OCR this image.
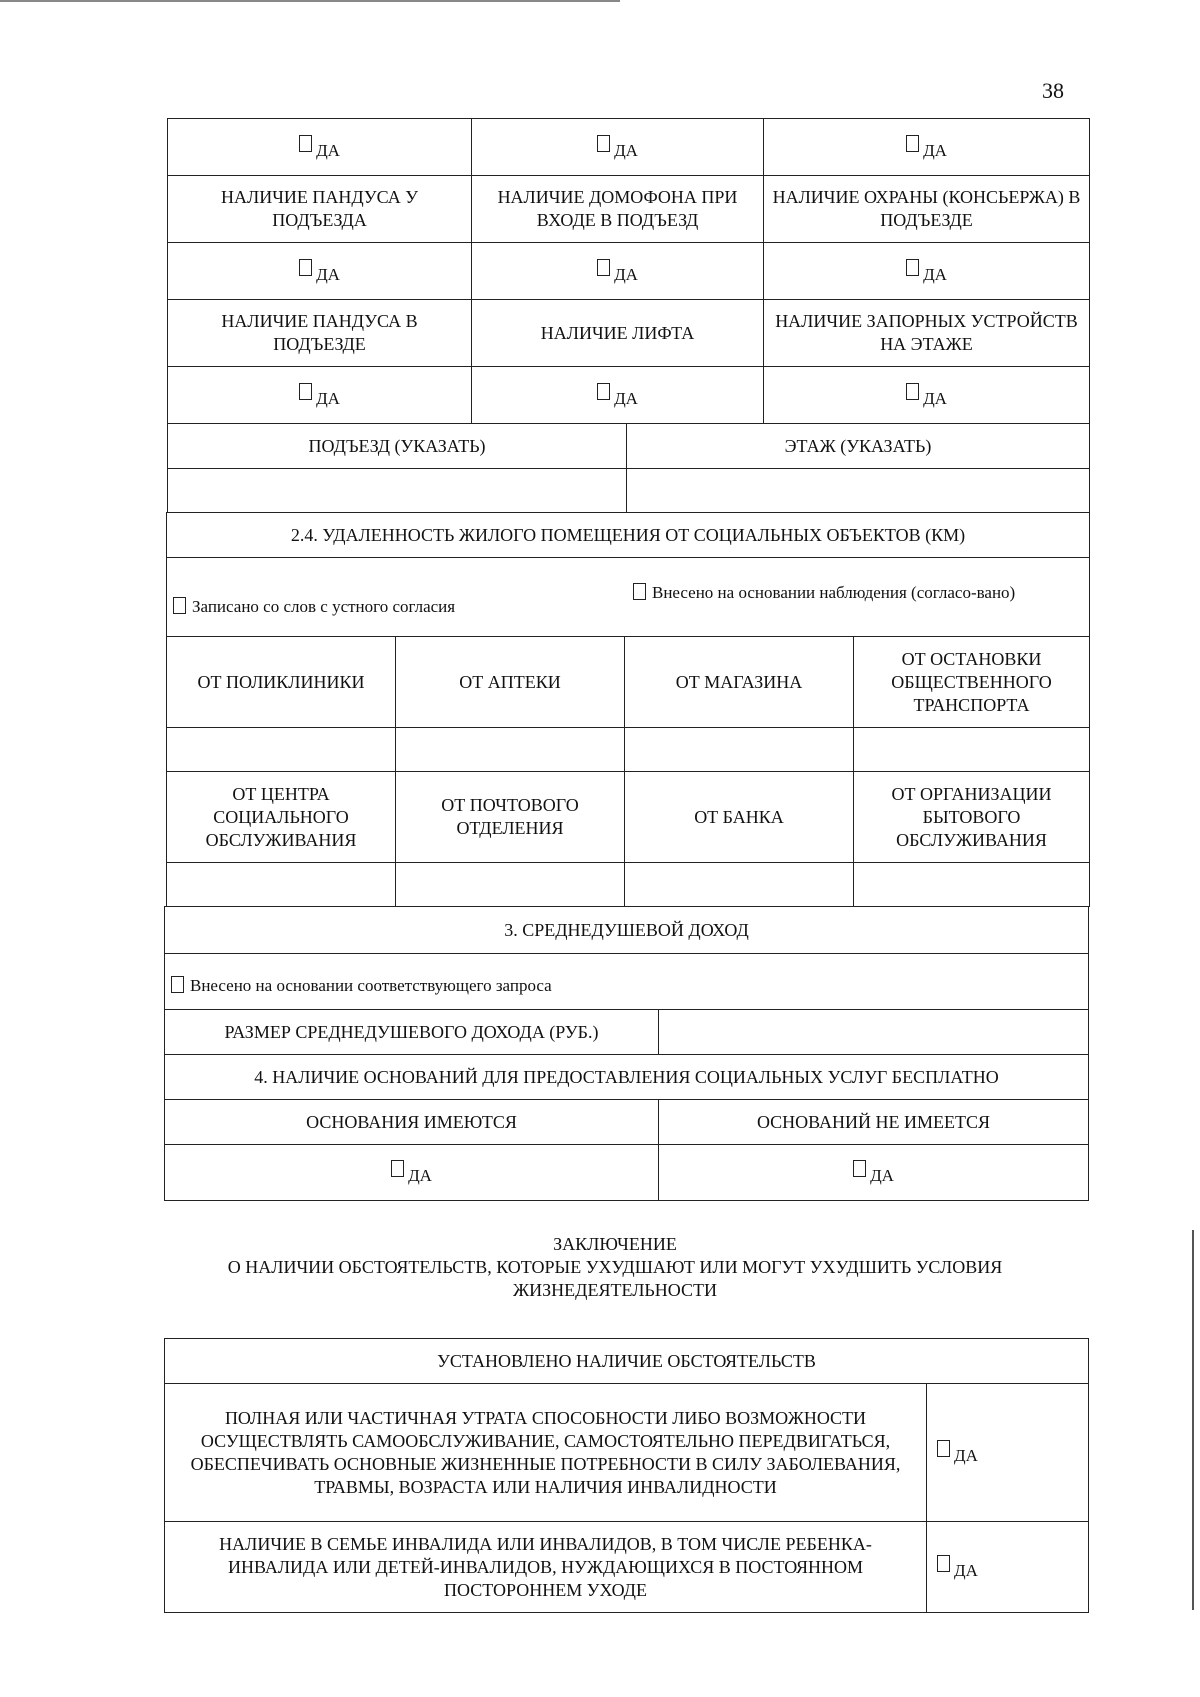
38
ДА	ДА	ДА
НАЛИЧИЕ ПАНДУСА У ПОДЪЕЗДА	НАЛИЧИЕ ДОМОФОНА ПРИ ВХОДЕ В ПОДЪЕЗД	НАЛИЧИЕ ОХРАНЫ (КОНСЬЕРЖА) В ПОДЪЕЗДЕ
ДА	ДА	ДА
НАЛИЧИЕ ПАНДУСА В ПОДЪЕЗДЕ	НАЛИЧИЕ ЛИФТА	НАЛИЧИЕ ЗАПОРНЫХ УСТРОЙСТВ НА ЭТАЖЕ
ДА	ДА	ДА
ПОДЪЕЗД (УКАЗАТЬ)	ЭТАЖ (УКАЗАТЬ)

2.4. УДАЛЕННОСТЬ ЖИЛОГО ПОМЕЩЕНИЯ ОТ СОЦИАЛЬНЫХ ОБЪЕКТОВ (КМ)			

Записано со слов с устного согласия
Внесено на основании наблюдения (согласо-вано)			

ОТ ПОЛИКЛИНИКИ	ОТ АПТЕКИ	ОТ МАГАЗИНА	ОТ ОСТАНОВКИ ОБЩЕСТВЕННОГО ТРАНСПОРТА

ОТ ЦЕНТРА СОЦИАЛЬНОГО ОБСЛУЖИВАНИЯ	ОТ ПОЧТОВОГО ОТДЕЛЕНИЯ	ОТ БАНКА	ОТ ОРГАНИЗАЦИИ БЫТОВОГО ОБСЛУЖИВАНИЯ

3. СРЕДНЕДУШЕВОЙ ДОХОД	
Внесено на основании соответствующего запроса	
РАЗМЕР СРЕДНЕДУШЕВОГО ДОХОДА (РУБ.)	
4. НАЛИЧИЕ ОСНОВАНИЙ ДЛЯ ПРЕДОСТАВЛЕНИЯ СОЦИАЛЬНЫХ УСЛУГ БЕСПЛАТНО	
ОСНОВАНИЯ ИМЕЮТСЯ	ОСНОВАНИЙ НЕ ИМЕЕТСЯ
ДА	ДА
ЗАКЛЮЧЕНИЕ
О НАЛИЧИИ ОБСТОЯТЕЛЬСТВ, КОТОРЫЕ УХУДШАЮТ ИЛИ МОГУТ УХУДШИТЬ УСЛОВИЯ
ЖИЗНЕДЕЯТЕЛЬНОСТИ
УСТАНОВЛЕНО НАЛИЧИЕ ОБСТОЯТЕЛЬСТВ	
ПОЛНАЯ ИЛИ ЧАСТИЧНАЯ УТРАТА СПОСОБНОСТИ ЛИБО ВОЗМОЖНОСТИ ОСУЩЕСТВЛЯТЬ САМООБСЛУЖИВАНИЕ, САМОСТОЯТЕЛЬНО ПЕРЕДВИГАТЬСЯ, ОБЕСПЕЧИВАТЬ ОСНОВНЫЕ ЖИЗНЕННЫЕ ПОТРЕБНОСТИ В СИЛУ ЗАБОЛЕВАНИЯ, ТРАВМЫ, ВОЗРАСТА ИЛИ НАЛИЧИЯ ИНВАЛИДНОСТИ	ДА
НАЛИЧИЕ В СЕМЬЕ ИНВАЛИДА ИЛИ ИНВАЛИДОВ, В ТОМ ЧИСЛЕ РЕБЕНКА-ИНВАЛИДА ИЛИ ДЕТЕЙ-ИНВАЛИДОВ, НУЖДАЮЩИХСЯ В ПОСТОЯННОМ ПОСТОРОННЕМ УХОДЕ	ДА
